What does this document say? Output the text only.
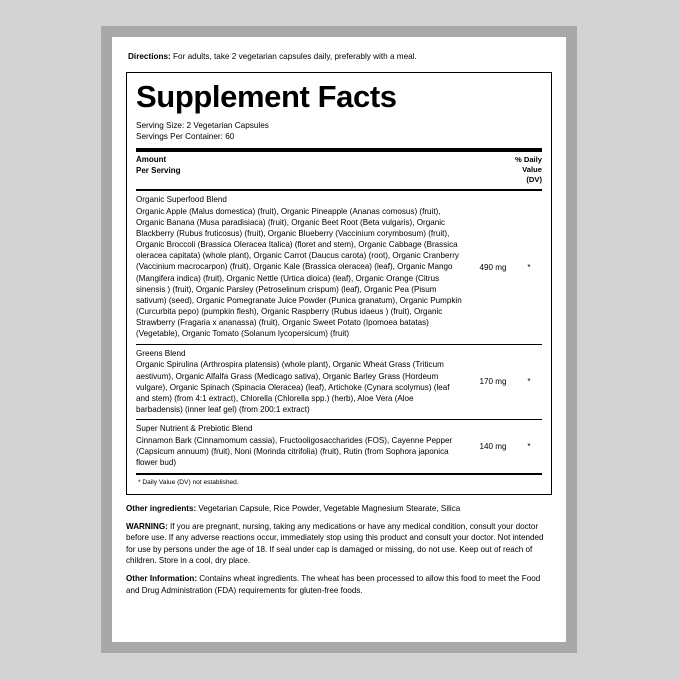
Directions: For adults, take 2 vegetarian capsules daily, preferably with a meal.
Supplement Facts
Serving Size: 2 Vegetarian Capsules
Servings Per Container: 60
Amount
Per Serving
% Daily
Value
(DV)
Organic Superfood Blend
Organic Apple (Malus domestica) (fruit), Organic Pineapple (Ananas comosus) (fruit), Organic Banana (Musa paradisiaca) (fruit), Organic Beet Root (Beta vulgaris), Organic Blackberry (Rubus fruticosus) (fruit), Organic Blueberry (Vaccinium corymbosum) (fruit), Organic Broccoli (Brassica Oleracea Italica) (floret and stem), Organic Cabbage (Brassica oleracea capitata) (whole plant), Organic Carrot (Daucus carota) (root), Organic Cranberry (Vaccinium macrocarpon) (fruit), Organic Kale (Brassica oleracea) (leaf), Organic Mango (Mangifera indica) (fruit), Organic Nettle (Urtica dioica) (leaf), Organic Orange (Citrus sinensis ) (fruit), Organic Parsley (Petroselinum crispum) (leaf), Organic Pea (Pisum sativum) (seed), Organic Pomegranate Juice Powder (Punica granatum), Organic Pumpkin (Curcurbita pepo) (pumpkin flesh), Organic Raspberry (Rubus idaeus ) (fruit), Organic Strawberry (Fragaria x ananassa) (fruit), Organic Sweet Potato (Ipomoea batatas) (Vegetable), Organic Tomato (Solanum lycopersicum) (fruit)
490 mg	*
Greens Blend
Organic Spirulina (Arthrospira platensis) (whole plant), Organic Wheat Grass (Triticum aestivum), Organic Alfalfa Grass (Medicago sativa), Organic Barley Grass (Hordeum vulgare), Organic Spinach (Spinacia Oleracea) (leaf), Artichoke (Cynara scolymus) (leaf and stem) (from 4:1 extract), Chlorella (Chlorella spp.) (herb), Aloe Vera (Aloe barbadensis) (inner leaf gel) (from 200:1 extract)
170 mg	*
Super Nutrient & Prebiotic Blend
Cinnamon Bark (Cinnamomum cassia), Fructooligosaccharides (FOS), Cayenne Pepper (Capsicum annuum) (fruit), Noni (Morinda citrifolia) (fruit), Rutin (from Sophora japonica flower bud)
140 mg	*
* Daily Value (DV) not established.

Other ingredients: Vegetarian Capsule, Rice Powder, Vegetable Magnesium Stearate, Silica

WARNING: If you are pregnant, nursing, taking any medications or have any medical condition, consult your doctor before use. If any adverse reactions occur, immediately stop using this product and consult your doctor. Not intended for use by persons under the age of 18. If seal under cap is damaged or missing, do not use. Keep out of reach of children. Store in a cool, dry place.

Other Information: Contains wheat ingredients. The wheat has been processed to allow this food to meet the Food and Drug Administration (FDA) requirements for gluten-free foods.
